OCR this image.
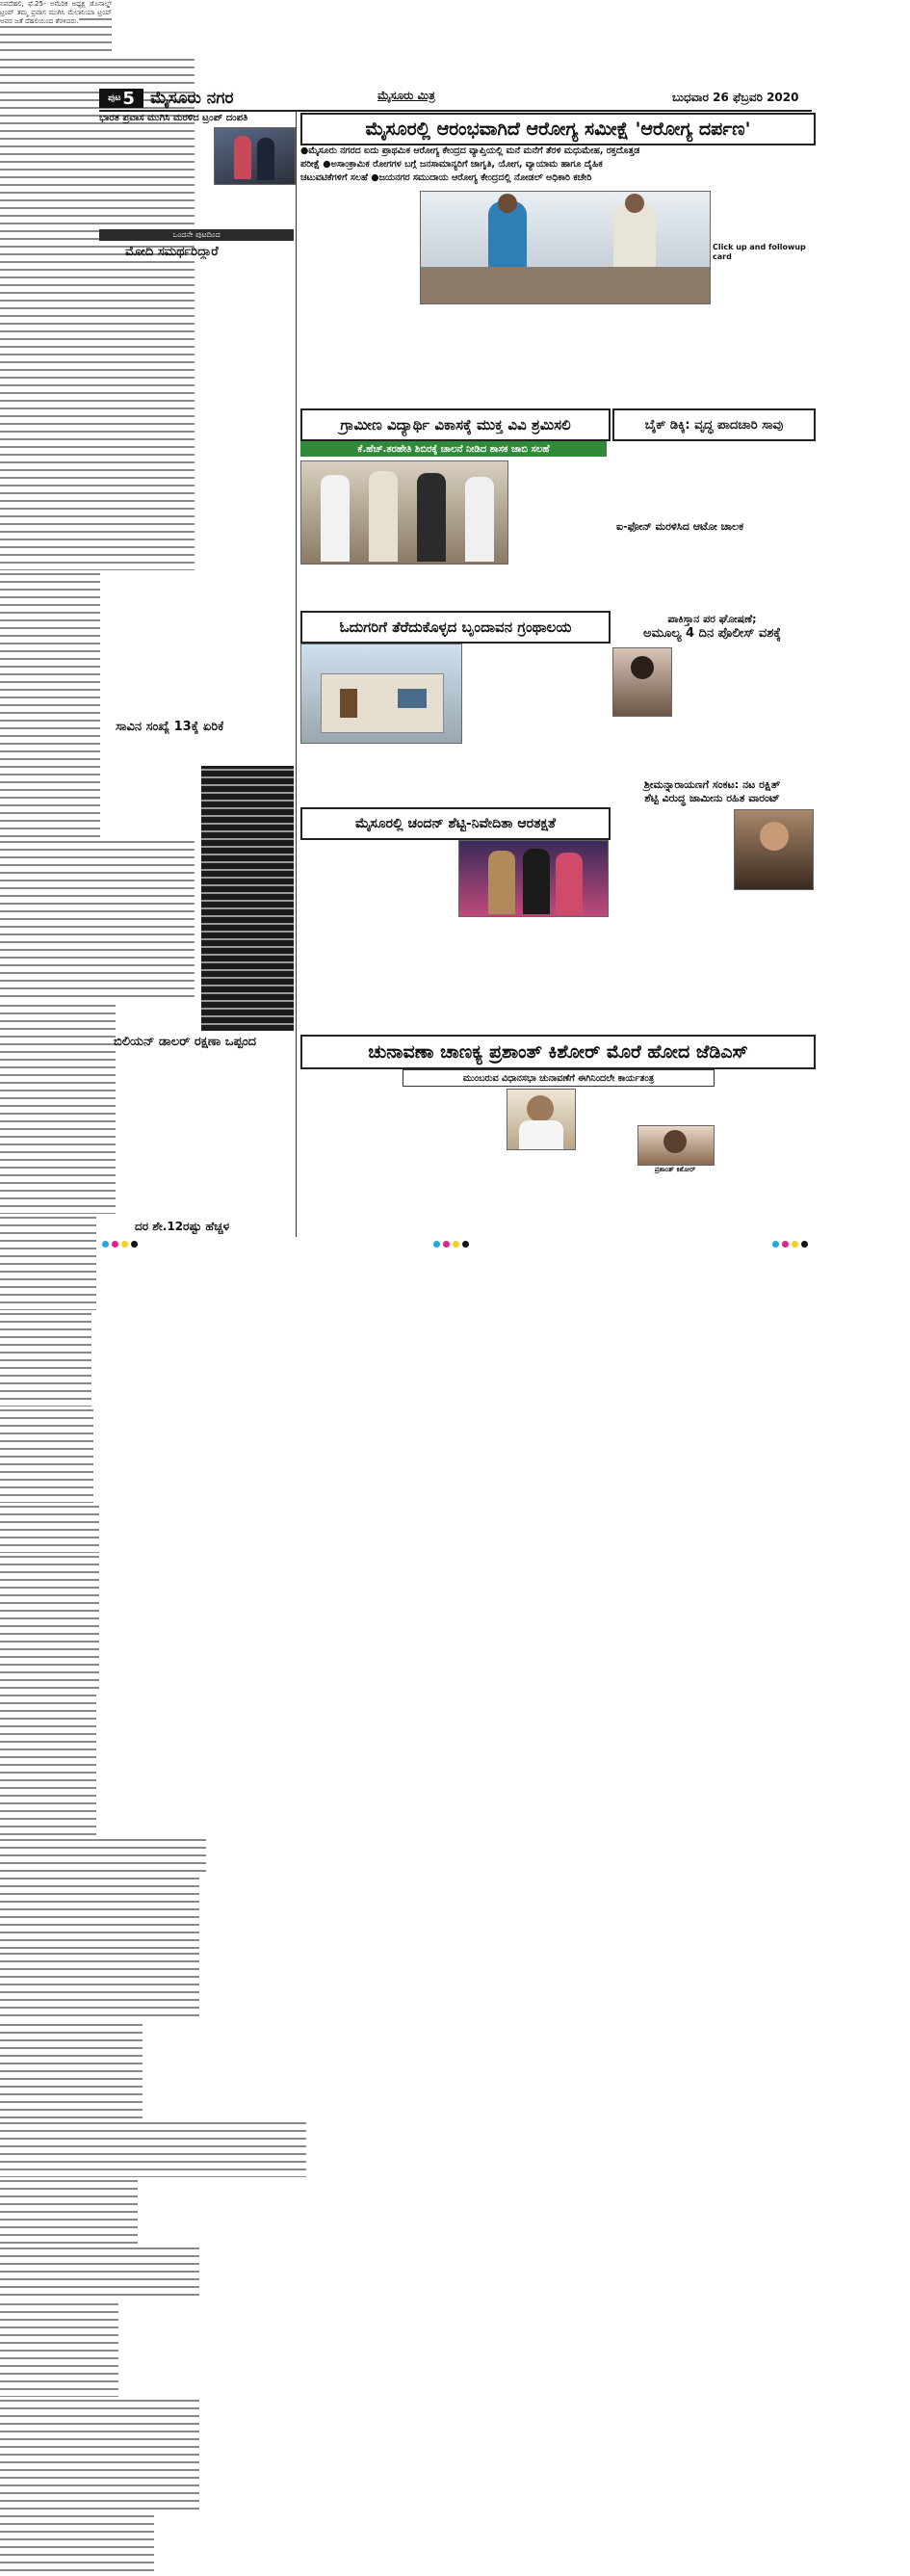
ಪುಟ 5 ಮೈಸೂರು ನಗರ	ಮೈಸೂರು ಮಿತ್ರ	ಬುಧವಾರ 26 ಫೆಬ್ರವರಿ 2020
ಭಾರತ ಪ್ರವಾಸ ಮುಗಿಸಿ ಮರಳಿದ ಟ್ರಂಪ್ ದಂಪತಿ
ನವದೆಹಲಿ, ಫೆ.25- ಅಮೆರಿಕ ಅಧ್ಯಕ್ಷ ಡೊನಾಲ್ಡ್ ಟ್ರಂಪ್ ತಮ್ಮ ಪ್ರವಾಸ ಮುಗಿಸಿ ಮೆಲಾನಿಯಾ ಟ್ರಂಪ್ ಅವರ ಜತೆ ದೆಹಲಿಯಿಂದ ತೆರಳಿದರು.
ಒಂದನೇ ಪುಟದಿಂದ
ಮೋದಿ ಸಮರ್ಥರಿದ್ದಾರೆ
ಸಾವಿನ ಸಂಖ್ಯೆ 13ಕ್ಕೆ ಏರಿಕೆ
ಬಿಲಿಯನ್ ಡಾಲರ್ ರಕ್ಷಣಾ ಒಪ್ಪಂದ
ದರ ಶೇ.12ರಷ್ಟು ಹೆಚ್ಚಳ
ಮೈಸೂರಲ್ಲಿ ಆರಂಭವಾಗಿದೆ ಆರೋಗ್ಯ ಸಮೀಕ್ಷೆ 'ಆರೋಗ್ಯ ದರ್ಪಣ'
●ಮೈಸೂರು ನಗರದ ಐದು ಪ್ರಾಥಮಿಕ ಆರೋಗ್ಯ ಕೇಂದ್ರದ ವ್ಯಾಪ್ತಿಯಲ್ಲಿ ಮನೆ ಮನೆಗೆ ತೆರಳಿ ಮಧುಮೇಹ, ರಕ್ತದೊತ್ತಡ
ಪರೀಕ್ಷೆ ●ಅಸಾಂಕ್ರಾಮಿಕ ರೋಗಗಳ ಬಗ್ಗೆ ಜನಸಾಮಾನ್ಯರಿಗೆ ಜಾಗೃತಿ, ಯೋಗ, ವ್ಯಾಯಾಮ ಹಾಗೂ ದೈಹಿಕ
ಚಟುವಟಿಕೆಗಳಿಗೆ ಸಲಹೆ ●ಜಯನಗರ ಸಮುದಾಯ ಆರೋಗ್ಯ ಕೇಂದ್ರದಲ್ಲಿ ನೋಡಲ್ ಅಧಿಕಾರಿ ಕಚೇರಿ
Click up and followup card
ಗ್ರಾಮೀಣ ವಿದ್ಯಾರ್ಥಿ ವಿಕಾಸಕ್ಕೆ ಮುಕ್ತ ವಿವಿ ಶ್ರಮಿಸಲಿ
ಕೆ.ಹೆಚ್.ತರಹೇತಿ ಶಿಬಿರಕ್ಕೆ ಚಾಲನೆ ನೀಡಿದ ಶಾಸಕ ಜಾಬಿ ಸಲಹೆ
ಬೈಕ್ ಡಿಕ್ಕಿ: ವೃದ್ಧ ಪಾದಚಾರಿ ಸಾವು
ಐ-ಫೋನ್ ಮರಳಿಸಿದ ಆಟೋ ಚಾಲಕ
ಓದುಗರಿಗೆ ತೆರೆದುಕೊಳ್ಳದ ಬೃಂದಾವನ ಗ್ರಂಥಾಲಯ	ಪಾಕಿಸ್ತಾನ ಪರ ಘೋಷಣೆ;
ಅಮೂಲ್ಯ 4 ದಿನ ಪೊಲೀಸ್ ವಶಕ್ಕೆ
ಶ್ರೀಮನ್ನಾರಾಯಣಗೆ ಸಂಕಟ: ನಟ ರಕ್ಷಿತ್
ಶೆಟ್ಟಿ ವಿರುದ್ಧ ಜಾಮೀನು ರಹಿತ ವಾರಂಟ್
ಮೈಸೂರಲ್ಲಿ ಚಂದನ್ ಶೆಟ್ಟಿ-ನಿವೇದಿತಾ ಆರತಕ್ಷತೆ
ಚುನಾವಣಾ ಚಾಣಕ್ಯ ಪ್ರಶಾಂತ್ ಕಿಶೋರ್ ಮೊರೆ ಹೋದ ಜೆಡಿಎಸ್
ಮುಂಬರುವ ವಿಧಾನಸಭಾ ಚುನಾವಣೆಗೆ ಈಗಿನಿಂದಲೇ ಕಾರ್ಯತಂತ್ರ
ಪ್ರಶಾಂತ್ ಕಿಶೋರ್
